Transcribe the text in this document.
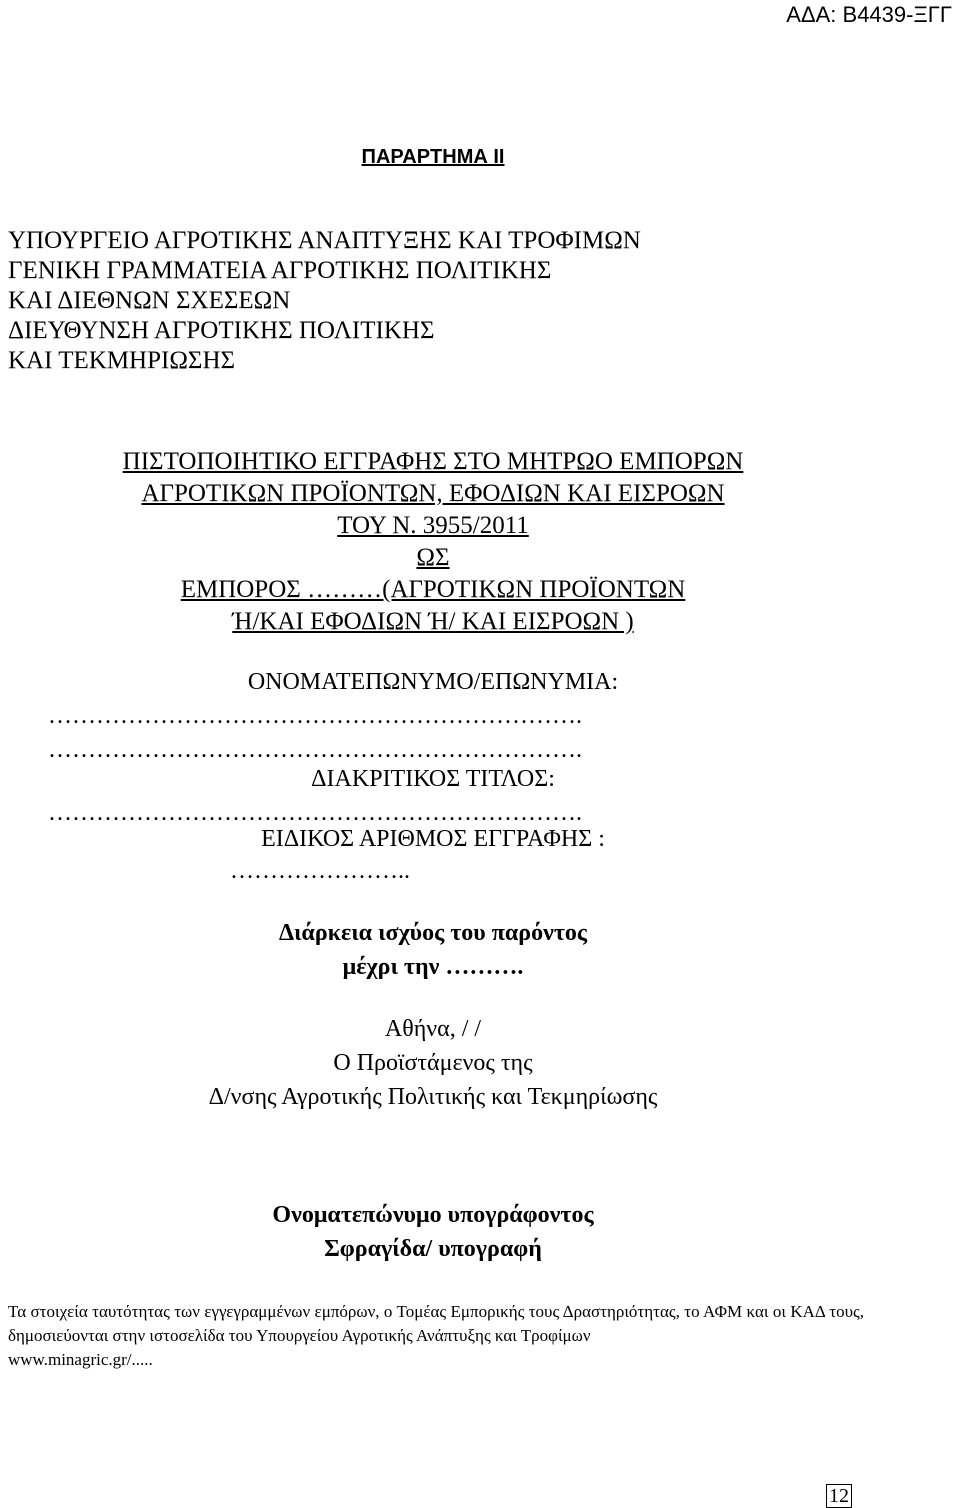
ΑΔΑ: Β4439-ΞΓΓ
ΠΑΡΑΡΤΗΜΑ ΙΙ
ΥΠΟΥΡΓΕΙΟ ΑΓΡΟΤΙΚΗΣ ΑΝΑΠΤΥΞΗΣ ΚΑΙ ΤΡΟΦΙΜΩΝ
ΓΕΝΙΚΗ ΓΡΑΜΜΑΤΕΙΑ ΑΓΡΟΤΙΚΗΣ ΠΟΛΙΤΙΚΗΣ
ΚΑΙ ΔΙΕΘΝΩΝ ΣΧΕΣΕΩΝ
ΔΙΕΥΘΥΝΣΗ ΑΓΡΟΤΙΚΗΣ ΠΟΛΙΤΙΚΗΣ
ΚΑΙ ΤΕΚΜΗΡΙΩΣΗΣ
ΠΙΣΤΟΠΟΙΗΤΙΚΟ ΕΓΓΡΑΦΗΣ ΣΤΟ ΜΗΤΡΩΟ ΕΜΠΟΡΩΝ
ΑΓΡΟΤΙΚΩΝ ΠΡΟΪΟΝΤΩΝ, ΕΦΟΔΙΩΝ ΚΑΙ ΕΙΣΡΟΩΝ
ΤΟΥ Ν. 3955/2011
ΩΣ
ΕΜΠΟΡΟΣ ………(ΑΓΡΟΤΙΚΩΝ ΠΡΟΪΟΝΤΩΝ
Ή/ΚΑΙ ΕΦΟΔΙΩΝ Ή/ ΚΑΙ ΕΙΣΡΟΩΝ )
ΟΝΟΜΑΤΕΠΩΝΥΜΟ/ΕΠΩΝΥΜΙΑ:
………………………………………………………….
………………………………………………………….
ΔΙΑΚΡΙΤΙΚΟΣ ΤΙΤΛΟΣ:
………………………………………………………….
ΕΙΔΙΚΟΣ ΑΡΙΘΜΟΣ ΕΓΓΡΑΦΗΣ :
…………………..
Διάρκεια ισχύος του παρόντος
μέχρι την ……….
Αθήνα, / /
Ο Προϊστάμενος της
Δ/νσης Αγροτικής Πολιτικής και Τεκμηρίωσης
Ονοματεπώνυμο υπογράφοντος
Σφραγίδα/ υπογραφή
Τα στοιχεία ταυτότητας των εγγεγραμμένων εμπόρων, ο Τομέας Εμπορικής τους Δραστηριότητας, το ΑΦΜ και οι ΚΑΔ τους, δημοσιεύονται στην ιστοσελίδα του Υπουργείου Αγροτικής Ανάπτυξης και Τροφίμων
www.minagric.gr/.....
12
